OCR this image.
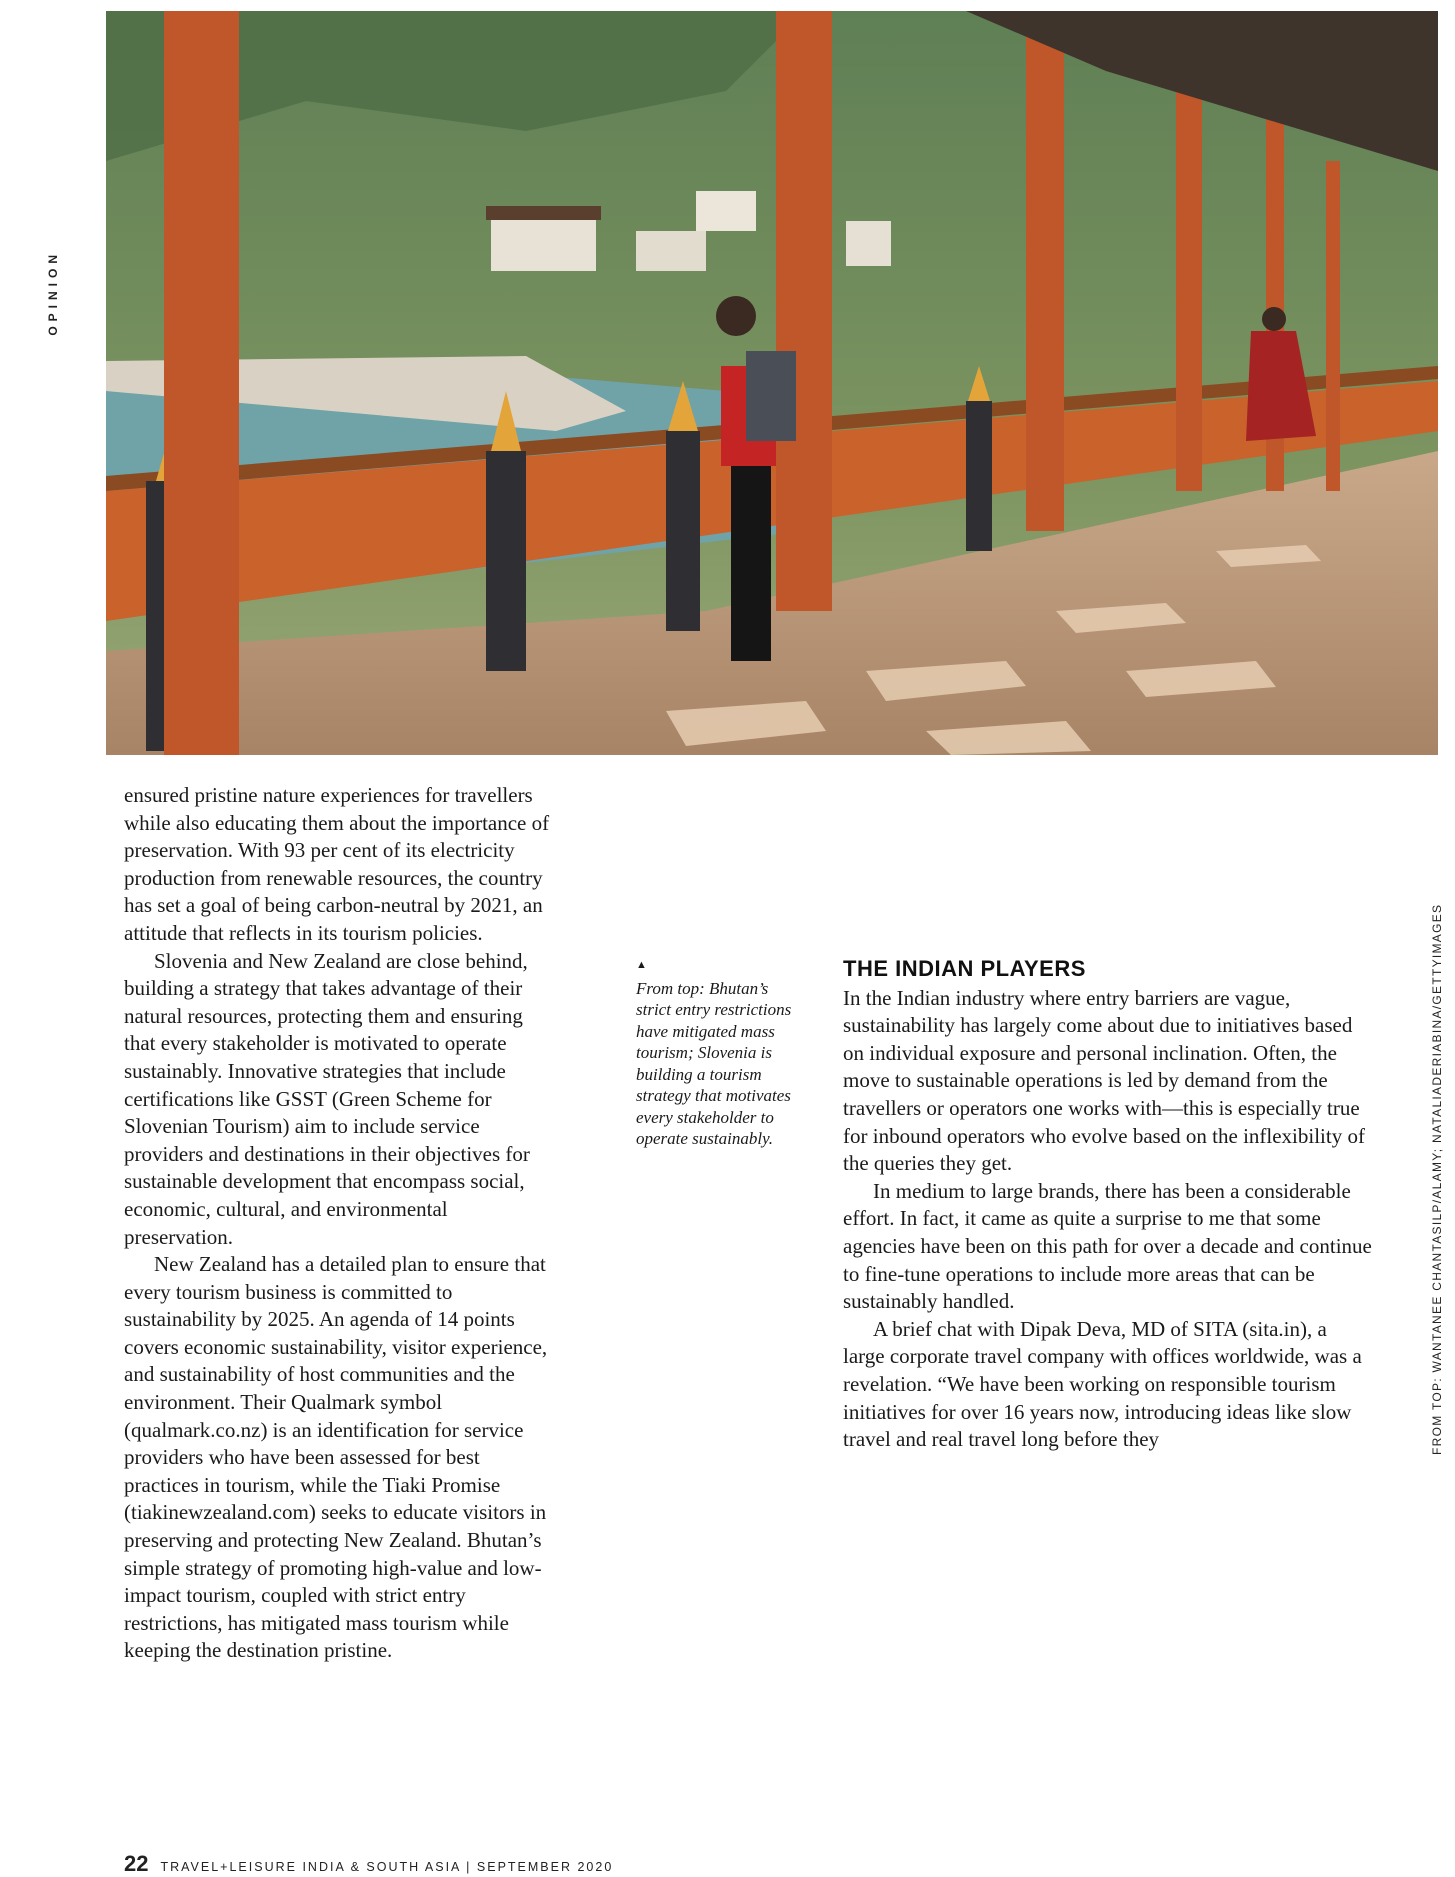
OPINION

ensured pristine nature experiences for travellers while also educating them about the importance of preservation. With 93 per cent of its electricity production from renewable resources, the country has set a goal of being carbon-neutral by 2021, an attitude that reflects in its tourism policies.

Slovenia and New Zealand are close behind, building a strategy that takes advantage of their natural resources, protecting them and ensuring that every stakeholder is motivated to operate sustainably. Innovative strategies that include certifications like GSST (Green Scheme for Slovenian Tourism) aim to include service providers and destinations in their objectives for sustainable development that encompass social, economic, cultural, and environmental preservation.

New Zealand has a detailed plan to ensure that every tourism business is committed to sustainability by 2025. An agenda of 14 points covers economic sustainability, visitor experience, and sustainability of host communities and the environment. Their Qualmark symbol (qualmark.co.nz) is an identification for service providers who have been assessed for best practices in tourism, while the Tiaki Promise (tiakinewzealand.com) seeks to educate visitors in preserving and protecting New Zealand. Bhutan’s simple strategy of promoting high-value and low-impact tourism, coupled with strict entry restrictions, has mitigated mass tourism while keeping the destination pristine.

▲
From top: Bhutan’s strict entry restrictions have mitigated mass tourism; Slovenia is building a tourism strategy that motivates every stakeholder to operate sustainably.
THE INDIAN PLAYERS

In the Indian industry where entry barriers are vague, sustainability has largely come about due to initiatives based on individual exposure and personal inclination. Often, the move to sustainable operations is led by demand from the travellers or operators one works with—this is especially true for inbound operators who evolve based on the inflexibility of the queries they get.

In medium to large brands, there has been a considerable effort. In fact, it came as quite a surprise to me that some agencies have been on this path for over a decade and continue to fine-tune operations to include more areas that can be sustainably handled.

A brief chat with Dipak Deva, MD of SITA (sita.in), a large corporate travel company with offices worldwide, was a revelation. “We have been working on responsible tourism initiatives for over 16 years now, introducing ideas like slow travel and real travel long before they	FROM TOP: WANTANEE CHANTASILP/ALAMY; NATALIADERIABINA/GETTYIMAGES
22 TRAVEL+LEISURE INDIA & SOUTH ASIA | SEPTEMBER 2020
